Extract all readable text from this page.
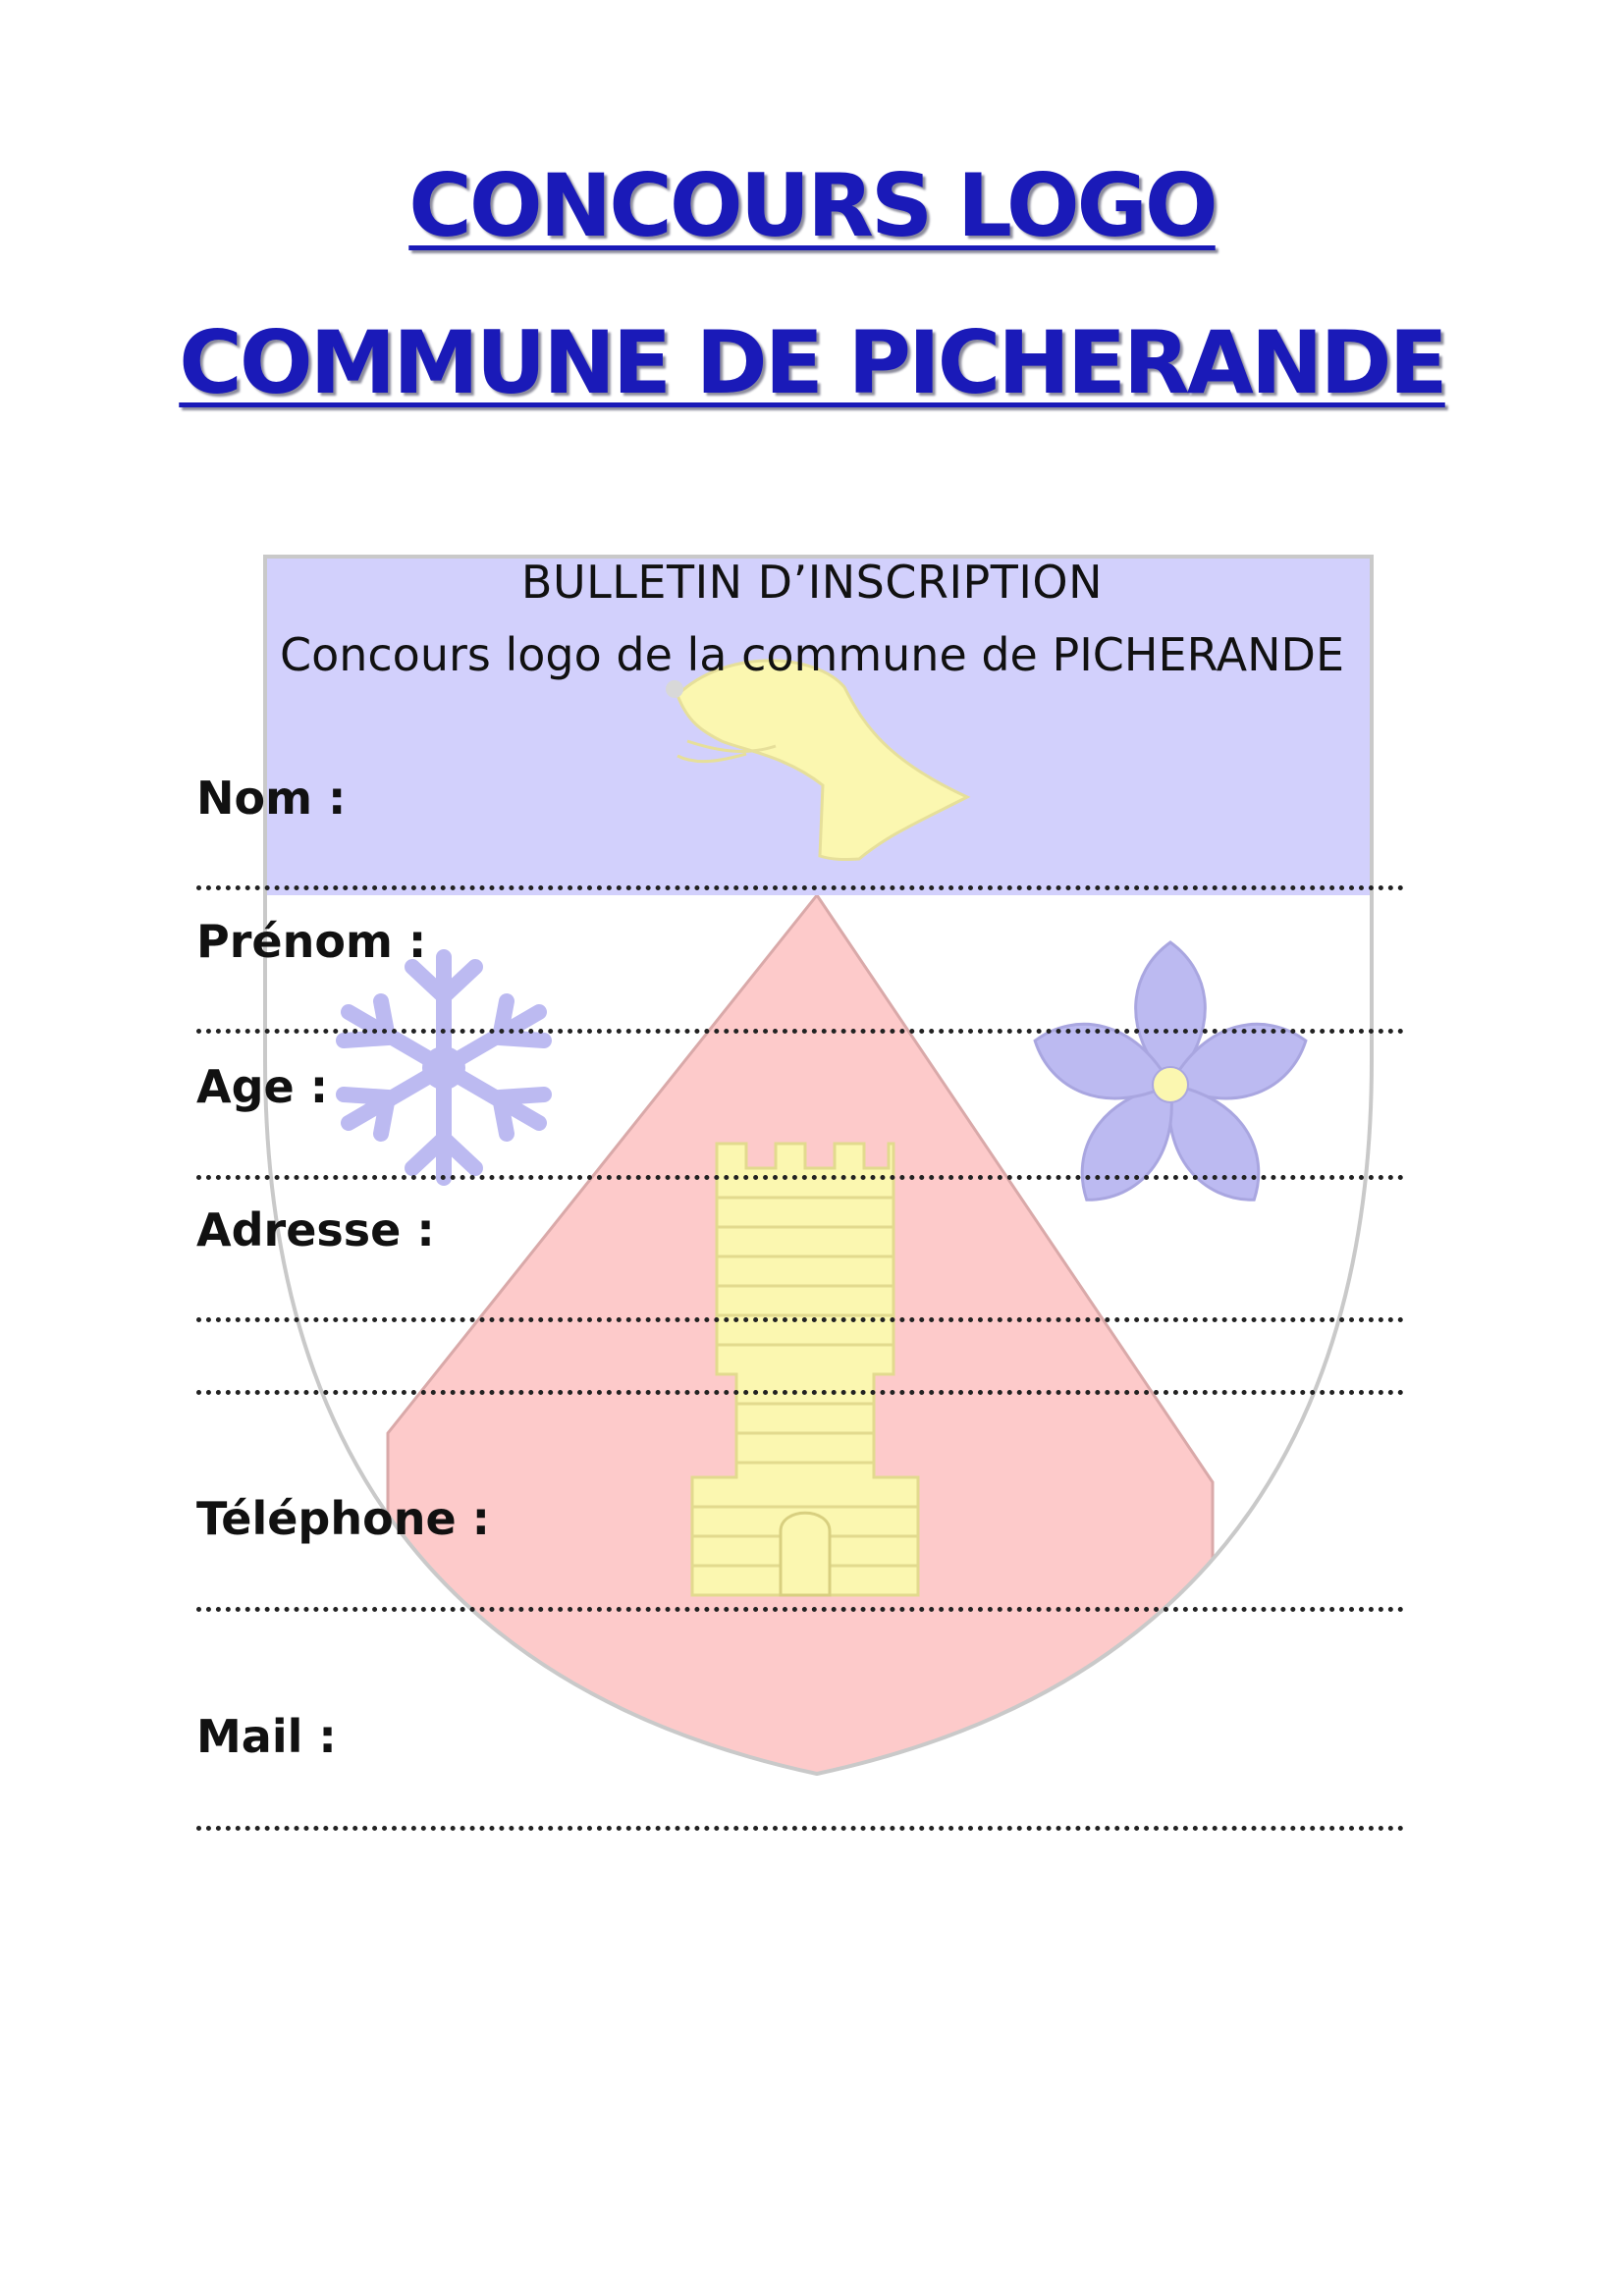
CONCOURS LOGO
COMMUNE DE PICHERANDE

BULLETIN D’INSCRIPTION

Concours logo de la commune de PICHERANDE

Nom :

Prénom :

Age :

Adresse :

Téléphone :

Mail :
